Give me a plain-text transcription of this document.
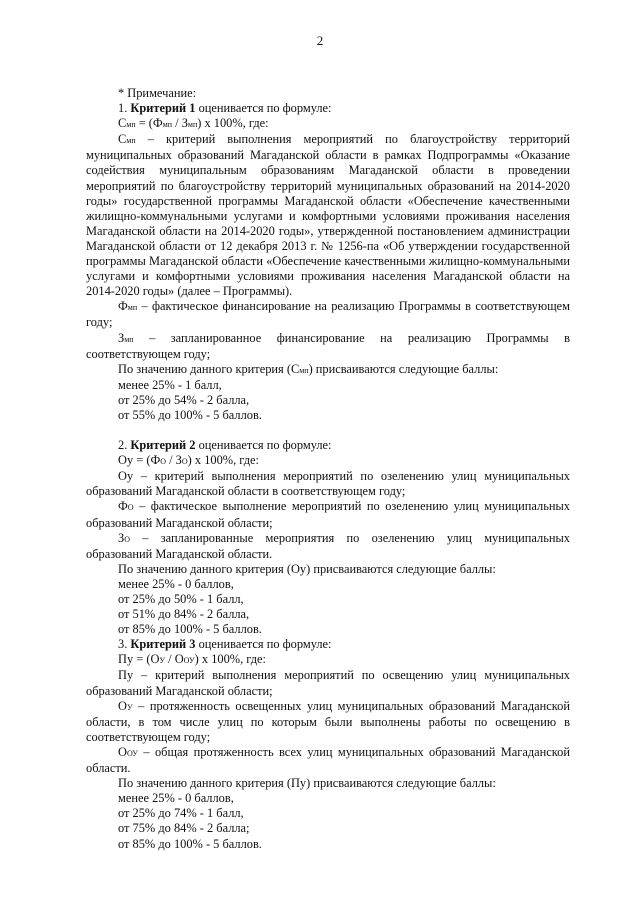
2

* Примечание:

1. Критерий 1 оценивается по формуле:

Смп = (Фмп / Змп) х 100%, где:

Смп – критерий выполнения мероприятий по благоустройству территорий муниципальных образований Магаданской области в рамках Подпрограммы «Оказание содействия муниципальным образованиям Магаданской области в проведении мероприятий по благоустройству территорий муниципальных образований на 2014-2020 годы» государственной программы Магаданской области «Обеспечение качественными жилищно-коммунальными услугами и комфортными условиями проживания населения Магаданской области на 2014-2020 годы», утвержденной постановлением администрации Магаданской области от 12 декабря 2013 г. № 1256-па «Об утверждении государственной программы Магаданской области «Обеспечение качественными жилищно-коммунальными услугами и комфортными условиями проживания населения Магаданской области на 2014-2020 годы» (далее – Программы).

Фмп – фактическое финансирование на реализацию Программы в соответствующем году;

Змп – запланированное финансирование на реализацию Программы в соответствующем году;

По значению данного критерия (Смп) присваиваются следующие баллы:

менее 25% - 1 балл,

от 25% до 54% - 2 балла,

от 55% до 100% - 5 баллов.

2. Критерий 2 оценивается по формуле:

Оу = (ФО / ЗО) х 100%, где:

Оу – критерий выполнения мероприятий по озеленению улиц муниципальных образований Магаданской области в соответствующем году;

ФО – фактическое выполнение мероприятий по озеленению улиц муниципальных образований Магаданской области;

ЗО – запланированные мероприятия по озеленению улиц муниципальных образований Магаданской области.

По значению данного критерия (Оу) присваиваются следующие баллы:

менее 25% - 0 баллов,

от 25% до 50% - 1 балл,

от 51% до 84% - 2 балла,

от 85% до 100% - 5 баллов.

3. Критерий 3 оценивается по формуле:

Пу = (ОУ / ООУ) х 100%, где:

Пу – критерий выполнения мероприятий по освещению улиц муниципальных образований Магаданской области;

ОУ – протяженность освещенных улиц муниципальных образований Магаданской области, в том числе улиц по которым были выполнены работы по освещению в соответствующем году;

ООУ – общая протяженность всех улиц муниципальных образований Магаданской области.

По значению данного критерия (Пу) присваиваются следующие баллы:

менее 25% - 0 баллов,

от 25% до 74% - 1 балл,

от 75% до 84% - 2 балла;

от 85% до 100% - 5 баллов.
